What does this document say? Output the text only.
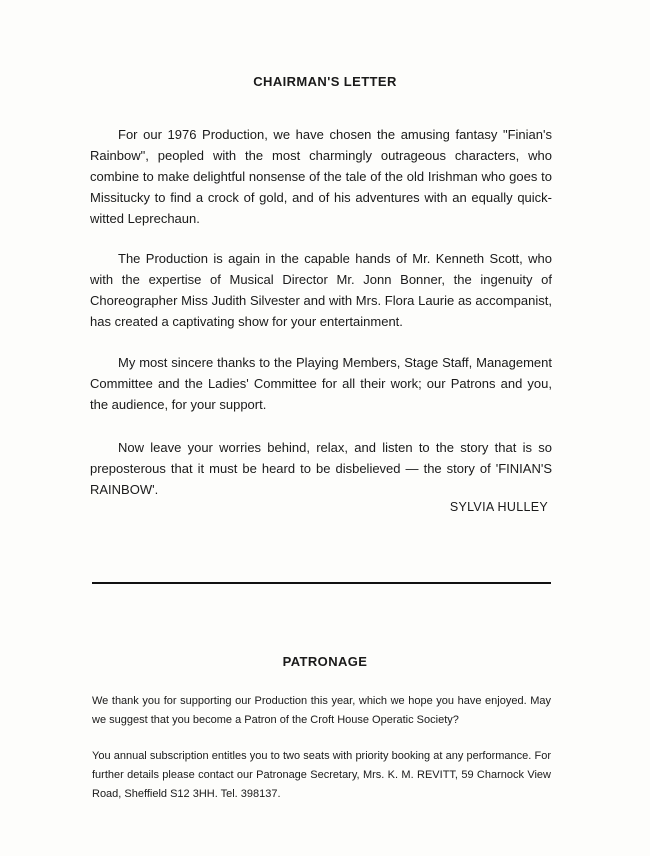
CHAIRMAN'S LETTER

For our 1976 Production, we have chosen the amusing fantasy "Finian's Rainbow", peopled with the most charmingly outrageous characters, who combine to make delightful nonsense of the tale of the old Irishman who goes to Missitucky to find a crock of gold, and of his adventures with an equally quick-witted Leprechaun.

The Production is again in the capable hands of Mr. Kenneth Scott, who with the expertise of Musical Director Mr. Jonn Bonner, the ingenuity of Choreographer Miss Judith Silvester and with Mrs. Flora Laurie as accompanist, has created a captivating show for your entertainment.

My most sincere thanks to the Playing Members, Stage Staff, Management Committee and the Ladies' Committee for all their work; our Patrons and you, the audience, for your support.

Now leave your worries behind, relax, and listen to the story that is so preposterous that it must be heard to be disbelieved — the story of 'FINIAN'S RAINBOW'.

SYLVIA HULLEY
PATRONAGE

We thank you for supporting our Production this year, which we hope you have enjoyed. May we suggest that you become a Patron of the Croft House Operatic Society?

You annual subscription entitles you to two seats with priority booking at any performance. For further details please contact our Patronage Secretary, Mrs. K. M. REVITT, 59 Charnock View Road, Sheffield S12 3HH. Tel. 398137.
